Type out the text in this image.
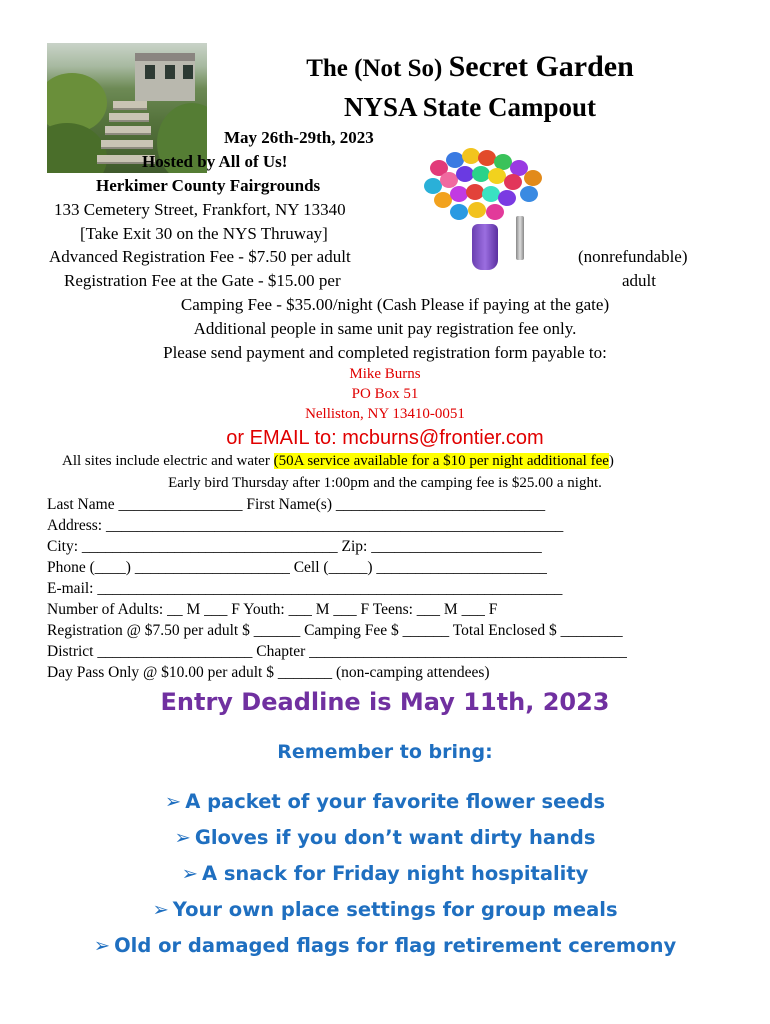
The (Not So) Secret Garden
NYSA State Campout
May 26th-29th, 2023
Hosted by All of Us!
Herkimer County Fairgrounds
133 Cemetery Street, Frankfort, NY 13340
[Take Exit 30 on the NYS Thruway]
Advanced Registration Fee - $7.50 per adult	(nonrefundable)
Registration Fee at the Gate - $15.00 per	adult
Camping Fee - $35.00/night (Cash Please if paying at the gate)
Additional people in same unit pay registration fee only.
Please send payment and completed registration form payable to:
Mike Burns
PO Box 51
Nelliston, NY 13410-0051
or EMAIL to: mcburns@frontier.com
All sites include electric and water (50A service available for a $10 per night additional fee)
Early bird Thursday after 1:00pm and the camping fee is $25.00 a night.
Last Name ________________ First Name(s) ___________________________
Address: ___________________________________________________________
City: _________________________________ Zip: ______________________
Phone (____) ____________________ Cell (_____) ______________________
E-mail: ____________________________________________________________
Number of Adults: __ M ___ F Youth: ___ M ___ F Teens: ___ M ___ F
Registration @ $7.50 per adult $ ______ Camping Fee $ ______ Total Enclosed $ ________
District ____________________ Chapter _________________________________________
Day Pass Only @ $10.00 per adult $ _______ (non-camping attendees)
Entry Deadline is May 11th, 2023
Remember to bring:
➢ A packet of your favorite flower seeds
➢ Gloves if you don’t want dirty hands
➢ A snack for Friday night hospitality
➢ Your own place settings for group meals
➢ Old or damaged flags for flag retirement ceremony
